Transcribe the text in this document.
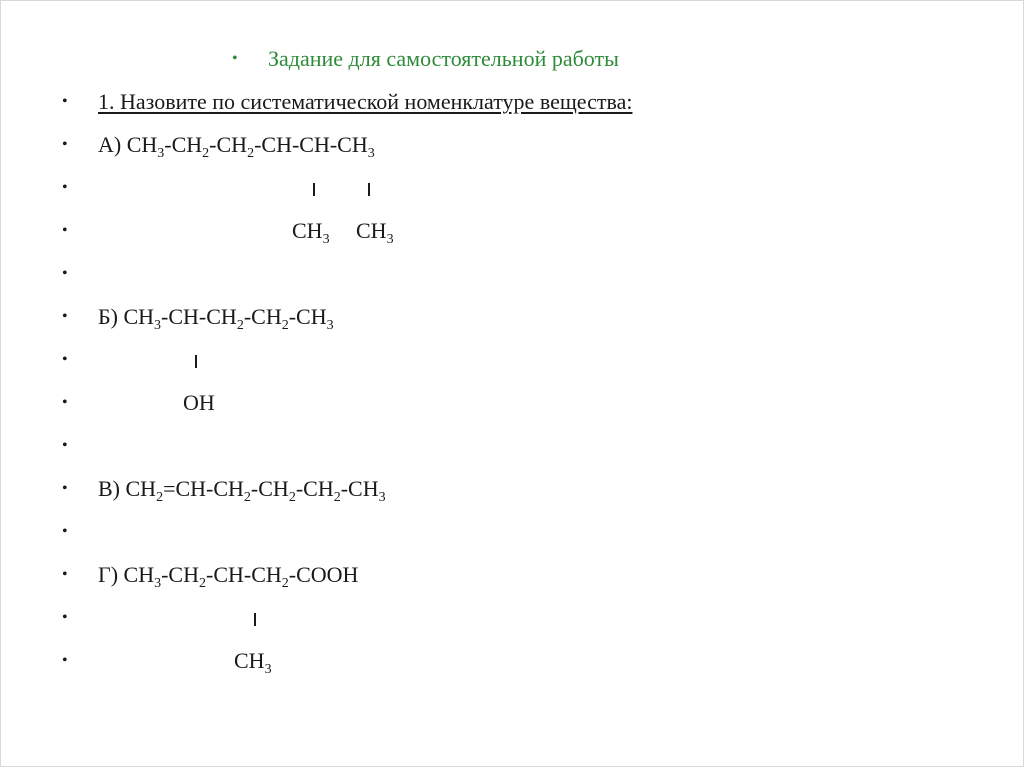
• Задание для самостоятельной работы
• 1. Назовите по систематической номенклатуре вещества:
• А) $CH_3-CH_2-CH_2-CH-CH-CH_3$
•
•	$CH_3$ $CH_3$
•
• Б) $CH_3-CH-CH_2-CH_2-CH_3$
•
•	OH
•
• В) $CH_2=CH-CH_2-CH_2-CH_2-CH_3$
•
• Г) $CH_3-CH_2-CH-CH_2$-COOH
•
•	$CH_3$
